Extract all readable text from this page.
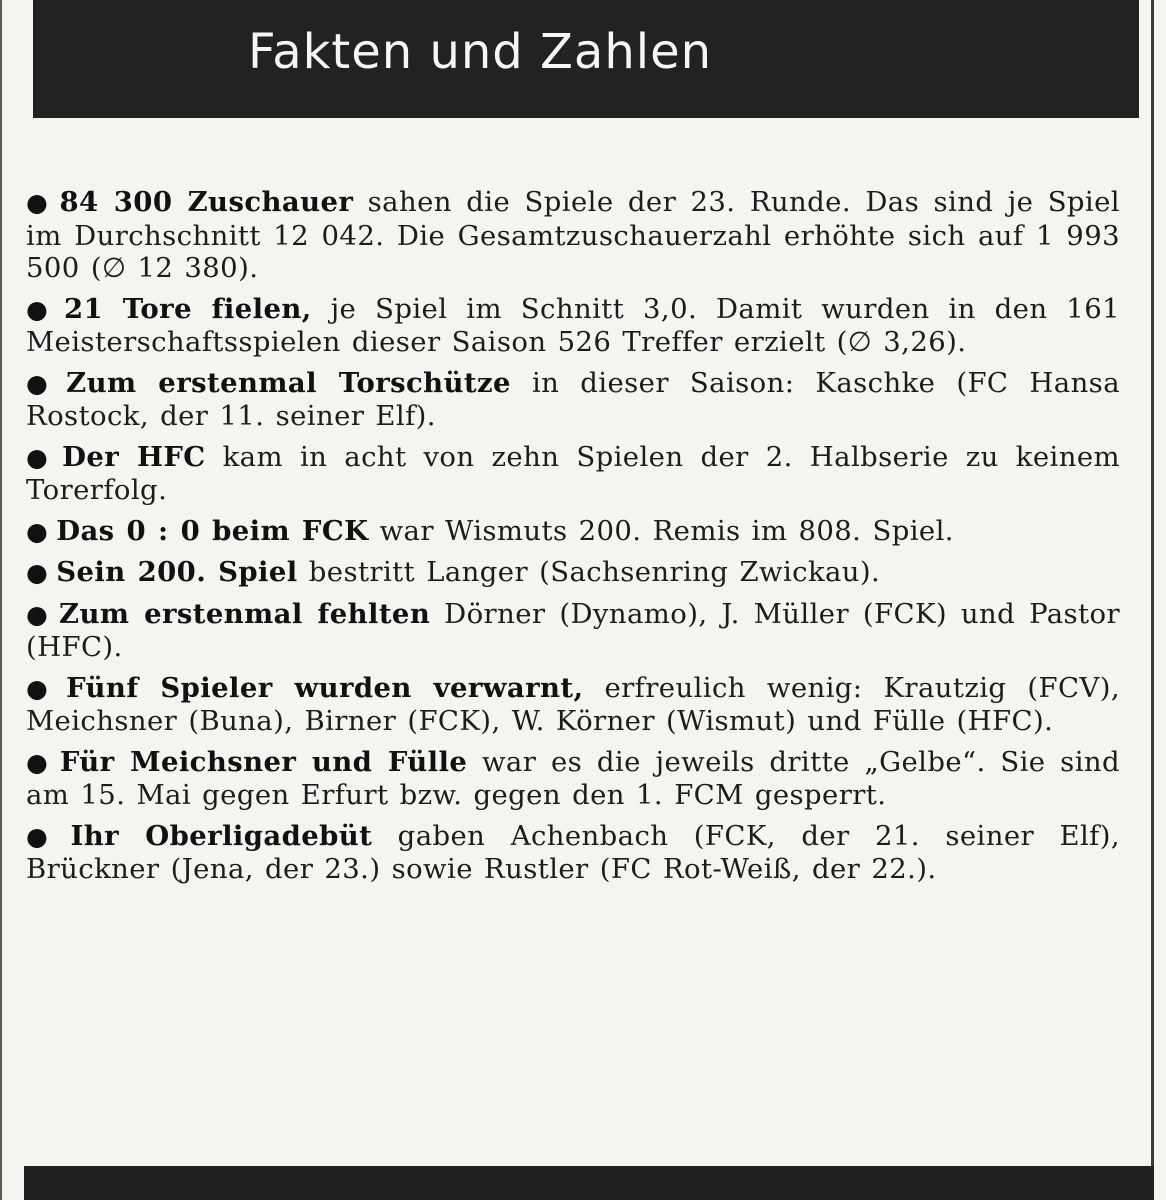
Fakten und Zahlen

● 84 300 Zuschauer sahen die Spiele der 23. Runde. Das sind je Spiel im Durchschnitt 12 042. Die Gesamtzuschauerzahl erhöhte sich auf 1 993 500 (∅ 12 380).

● 21 Tore fielen, je Spiel im Schnitt 3,0. Damit wurden in den 161 Meisterschaftsspielen dieser Saison 526 Treffer erzielt (∅ 3,26).

● Zum erstenmal Torschütze in dieser Saison: Kaschke (FC Hansa Rostock, der 11. seiner Elf).

● Der HFC kam in acht von zehn Spielen der 2. Halbserie zu keinem Torerfolg.

● Das 0 : 0 beim FCK war Wismuts 200. Remis im 808. Spiel.

● Sein 200. Spiel bestritt Langer (Sachsenring Zwickau).

● Zum erstenmal fehlten Dörner (Dynamo), J. Müller (FCK) und Pastor (HFC).

● Fünf Spieler wurden verwarnt, erfreulich wenig: Krautzig (FCV), Meichsner (Buna), Birner (FCK), W. Körner (Wismut) und Fülle (HFC).

● Für Meichsner und Fülle war es die jeweils dritte „Gelbe“. Sie sind am 15. Mai gegen Erfurt bzw. gegen den 1. FCM gesperrt.

● Ihr Oberligadebüt gaben Achenbach (FCK, der 21. seiner Elf), Brückner (Jena, der 23.) sowie Rustler (FC Rot-Weiß, der 22.).
